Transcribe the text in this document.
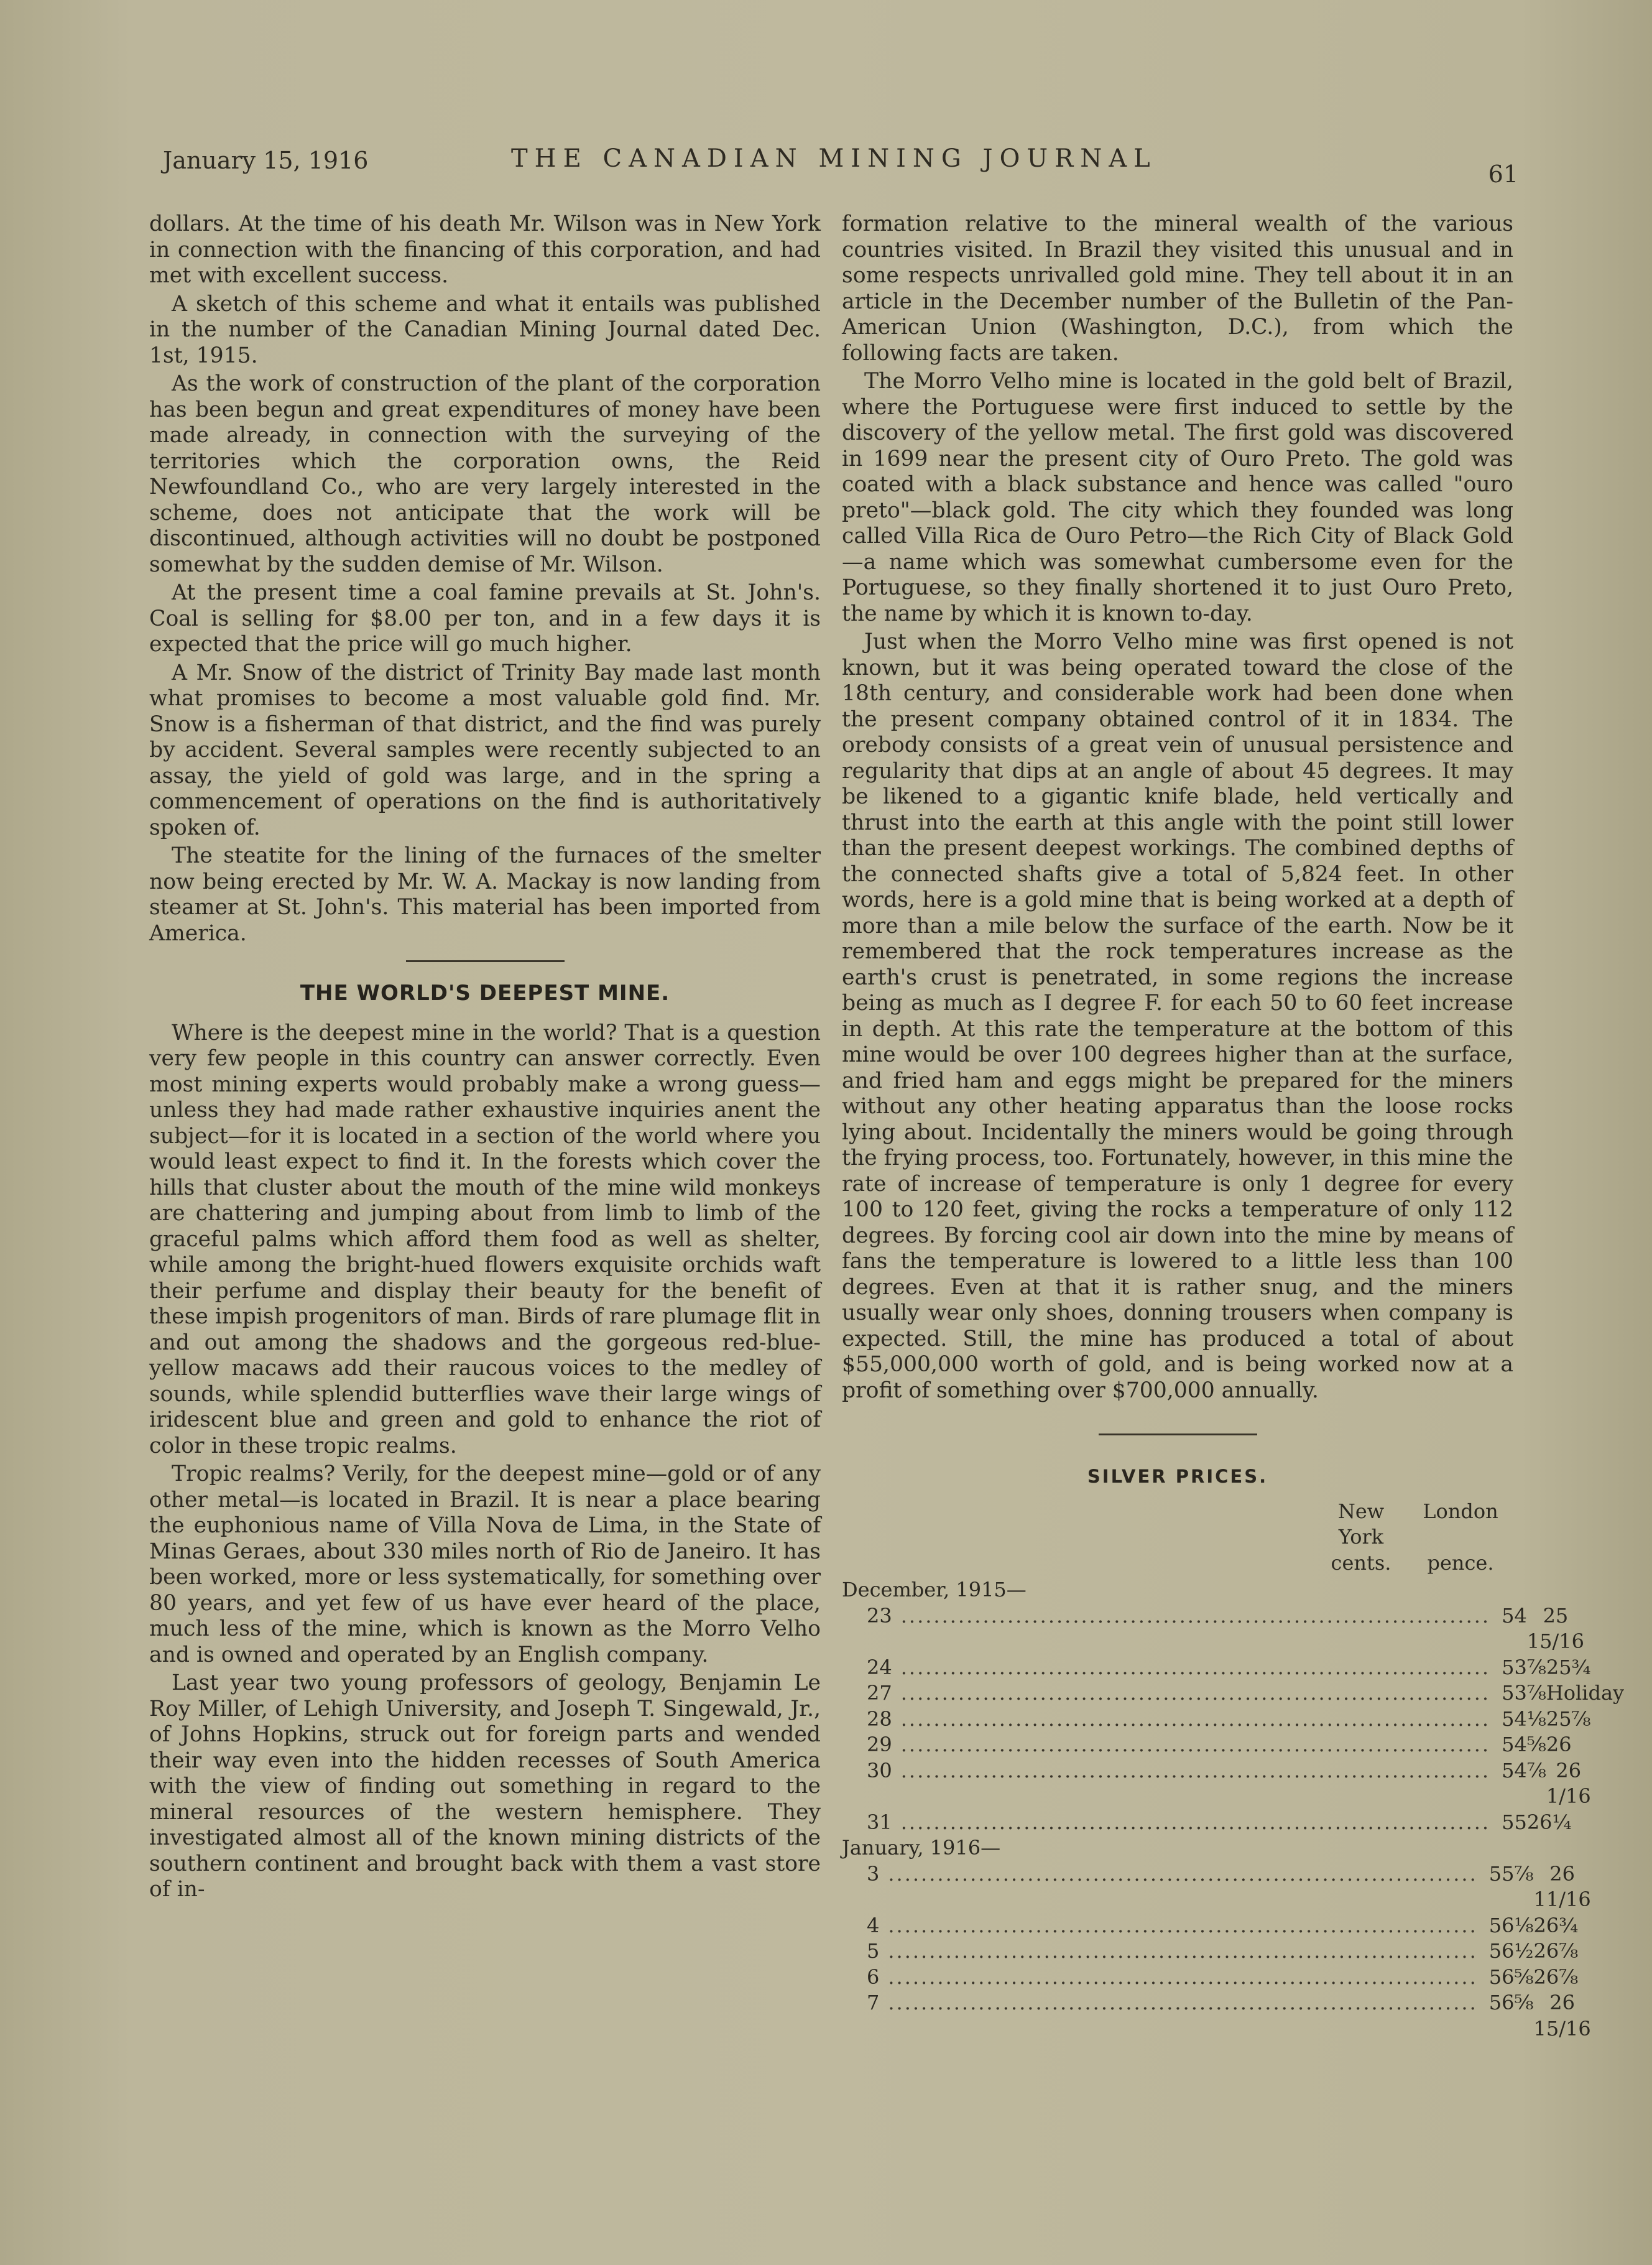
January 15, 1916	THE CANADIAN MINING JOURNAL
61

dollars. At the time of his death Mr. Wilson was in New York in connection with the financing of this corporation, and had met with excellent success.

A sketch of this scheme and what it entails was published in the number of the Canadian Mining Journal dated Dec. 1st, 1915.

As the work of construction of the plant of the corporation has been begun and great expenditures of money have been made already, in connection with the surveying of the territories which the corporation owns, the Reid Newfoundland Co., who are very largely interested in the scheme, does not anticipate that the work will be discontinued, although activities will no doubt be postponed somewhat by the sudden demise of Mr. Wilson.

At the present time a coal famine prevails at St. John's. Coal is selling for $8.00 per ton, and in a few days it is expected that the price will go much higher.

A Mr. Snow of the district of Trinity Bay made last month what promises to become a most valuable gold find. Mr. Snow is a fisherman of that district, and the find was purely by accident. Several samples were recently subjected to an assay, the yield of gold was large, and in the spring a commencement of operations on the find is authoritatively spoken of.

The steatite for the lining of the furnaces of the smelter now being erected by Mr. W. A. Mackay is now landing from steamer at St. John's. This material has been imported from America.

THE WORLD'S DEEPEST MINE.

Where is the deepest mine in the world? That is a question very few people in this country can answer correctly. Even most mining experts would probably make a wrong guess—unless they had made rather exhaustive inquiries anent the subject—for it is located in a section of the world where you would least expect to find it. In the forests which cover the hills that cluster about the mouth of the mine wild monkeys are chattering and jumping about from limb to limb of the graceful palms which afford them food as well as shelter, while among the bright-hued flowers exquisite orchids waft their perfume and display their beauty for the benefit of these impish progenitors of man. Birds of rare plumage flit in and out among the shadows and the gorgeous red-blue-yellow macaws add their raucous voices to the medley of sounds, while splendid butterflies wave their large wings of iridescent blue and green and gold to enhance the riot of color in these tropic realms.

Tropic realms? Verily, for the deepest mine—gold or of any other metal—is located in Brazil. It is near a place bearing the euphonious name of Villa Nova de Lima, in the State of Minas Geraes, about 330 miles north of Rio de Janeiro. It has been worked, more or less systematically, for something over 80 years, and yet few of us have ever heard of the place, much less of the mine, which is known as the Morro Velho and is owned and operated by an English company.

Last year two young professors of geology, Benjamin Le Roy Miller, of Lehigh University, and Joseph T. Singewald, Jr., of Johns Hopkins, struck out for foreign parts and wended their way even into the hidden recesses of South America with the view of finding out something in regard to the mineral resources of the western hemisphere. They investigated almost all of the known mining districts of the southern continent and brought back with them a vast store of in-

formation relative to the mineral wealth of the various countries visited. In Brazil they visited this unusual and in some respects unrivalled gold mine. They tell about it in an article in the December number of the Bulletin of the Pan-American Union (Washington, D.C.), from which the following facts are taken.

The Morro Velho mine is located in the gold belt of Brazil, where the Portuguese were first induced to settle by the discovery of the yellow metal. The first gold was discovered in 1699 near the present city of Ouro Preto. The gold was coated with a black substance and hence was called "ouro preto"—black gold. The city which they founded was long called Villa Rica de Ouro Petro—the Rich City of Black Gold—a name which was somewhat cumbersome even for the Portuguese, so they finally shortened it to just Ouro Preto, the name by which it is known to-day.

Just when the Morro Velho mine was first opened is not known, but it was being operated toward the close of the 18th century, and considerable work had been done when the present company obtained control of it in 1834. The orebody consists of a great vein of unusual persistence and regularity that dips at an angle of about 45 degrees. It may be likened to a gigantic knife blade, held vertically and thrust into the earth at this angle with the point still lower than the present deepest workings. The combined depths of the connected shafts give a total of 5,824 feet. In other words, here is a gold mine that is being worked at a depth of more than a mile below the surface of the earth. Now be it remembered that the rock temperatures increase as the earth's crust is penetrated, in some regions the increase being as much as I degree F. for each 50 to 60 feet increase in depth. At this rate the temperature at the bottom of this mine would be over 100 degrees higher than at the surface, and fried ham and eggs might be prepared for the miners without any other heating apparatus than the loose rocks lying about. Incidentally the miners would be going through the frying process, too. Fortunately, however, in this mine the rate of increase of temperature is only 1 degree for every 100 to 120 feet, giving the rocks a temperature of only 112 degrees. By forcing cool air down into the mine by means of fans the temperature is lowered to a little less than 100 degrees. Even at that it is rather snug, and the miners usually wear only shoes, donning trousers when company is expected. Still, the mine has produced a total of about $55,000,000 worth of gold, and is being worked now at a profit of something over $700,000 annually.

SILVER PRICES.
New York
London
cents.	pence.
December, 1915—
23 ........................................................................ 54 25 15/16
24 ........................................................................ 53⅞ 25¾
27 ........................................................................ 53⅞ Holiday
28 ........................................................................ 54⅛ 25⅞
29 ........................................................................ 54⅝ 26
30 ........................................................................ 54⅞ 26 1/16
31 ........................................................................ 55 26¼
January, 1916—
3 ........................................................................ 55⅞ 26 11/16
4 ........................................................................ 56⅛ 26¾
5 ........................................................................ 56½ 26⅞
6 ........................................................................ 56⅝ 26⅞
7 ........................................................................ 56⅝ 26 15/16
